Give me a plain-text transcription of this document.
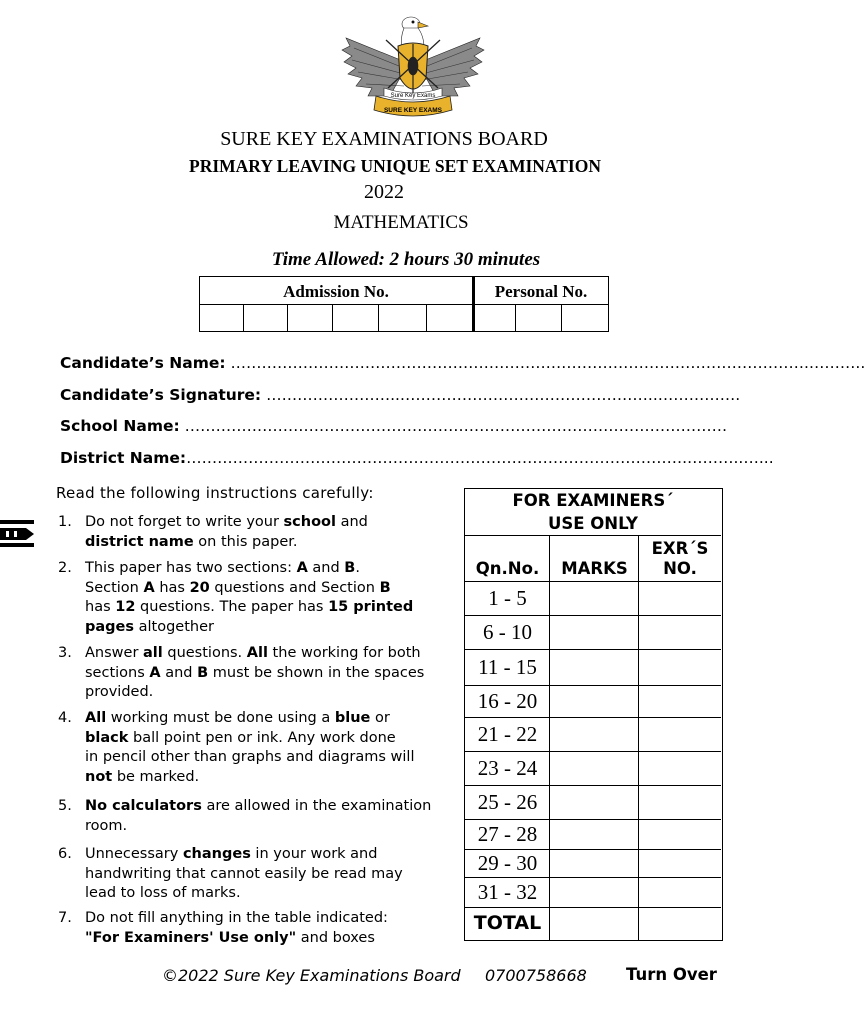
Sure Key Exams
SURE KEY EXAMS
SURE KEY EXAMINATIONS BOARD
PRIMARY LEAVING UNIQUE SET EXAMINATION
2022
MATHEMATICS
Time Allowed: 2 hours 30 minutes
Admission No.	Personal No.
Candidate’s Name: ………………………………………………………………………………………………….………..
Candidate’s Signature: ……………………..…………………………………………..…………….
School Name: ……………………………………………………………………………………………
District Name:…………………………………………………………………………………….………..…...
Read the following instructions carefully:
1. Do not forget to write your school and
district name on this paper.
2. This paper has two sections: A and B.
Section A has 20 questions and Section B
has 12 questions. The paper has 15 printed
pages altogether
3. Answer all questions. All the working for both
sections A and B must be shown in the spaces
provided.
4. All working must be done using a blue or
black ball point pen or ink. Any work done
in pencil other than graphs and diagrams will
not be marked.
5. No calculators are allowed in the examination
room.
6. Unnecessary changes in your work and
handwriting that cannot easily be read may
lead to loss of marks.
7. Do not fill anything in the table indicated:
"For Examiners' Use only" and boxes
FOR EXAMINERS´ USE ONLY
Qn.No.	MARKS
EXR´S NO.
1 - 5
6 - 10
11 - 15
16 - 20
21 - 22
23 - 24
25 - 26
27 - 28
29 - 30
31 - 32
TOTAL
©2022 Sure Key Examinations Board 0700758668 Turn Over
